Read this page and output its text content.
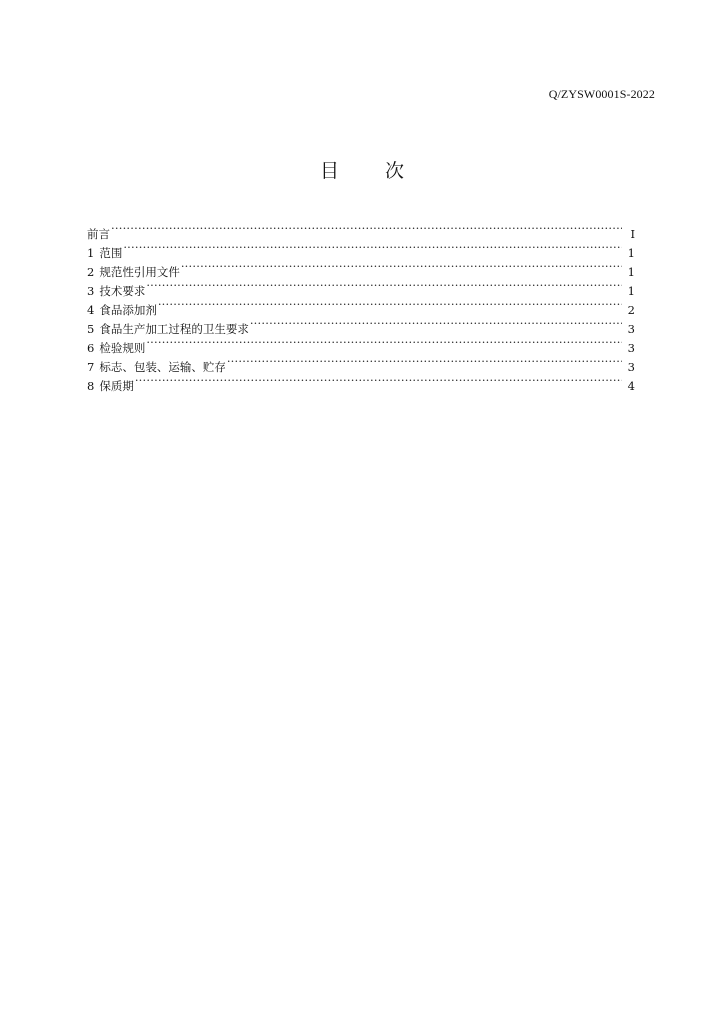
Q/ZYSW0001S-2022
目 次
前言 ·····	I
1 范围 ·····	1
2 规范性引用文件 ·····	1
3 技术要求 ·····	1
4 食品添加剂 ·····	2
5 食品生产加工过程的卫生要求 ·····	3
6 检验规则 ·····	3
7 标志、包装、运输、贮存 ·····	3
8 保质期 ·····	4
